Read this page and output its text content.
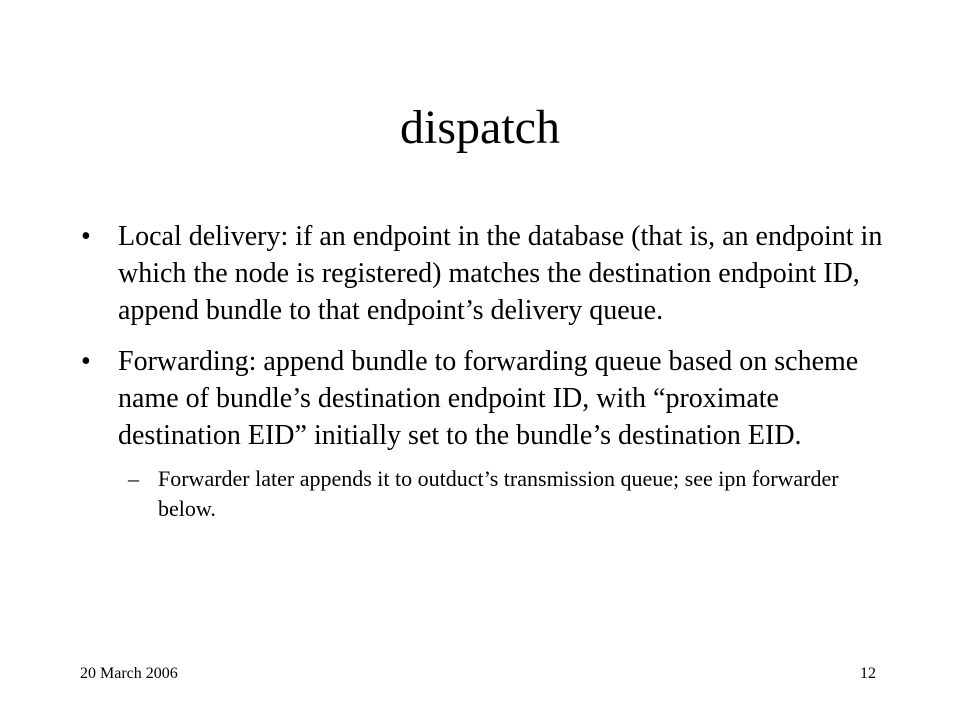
dispatch
• Local delivery: if an endpoint in the database (that is, an endpoint in which the node is registered) matches the destination endpoint ID, append bundle to that endpoint’s delivery queue.
• Forwarding: append bundle to forwarding queue based on scheme name of bundle’s destination endpoint ID, with “proximate destination EID” initially set to the bundle’s destination EID.
– Forwarder later appends it to outduct’s transmission queue; see ipn forwarder below.
20 March 2006	12
